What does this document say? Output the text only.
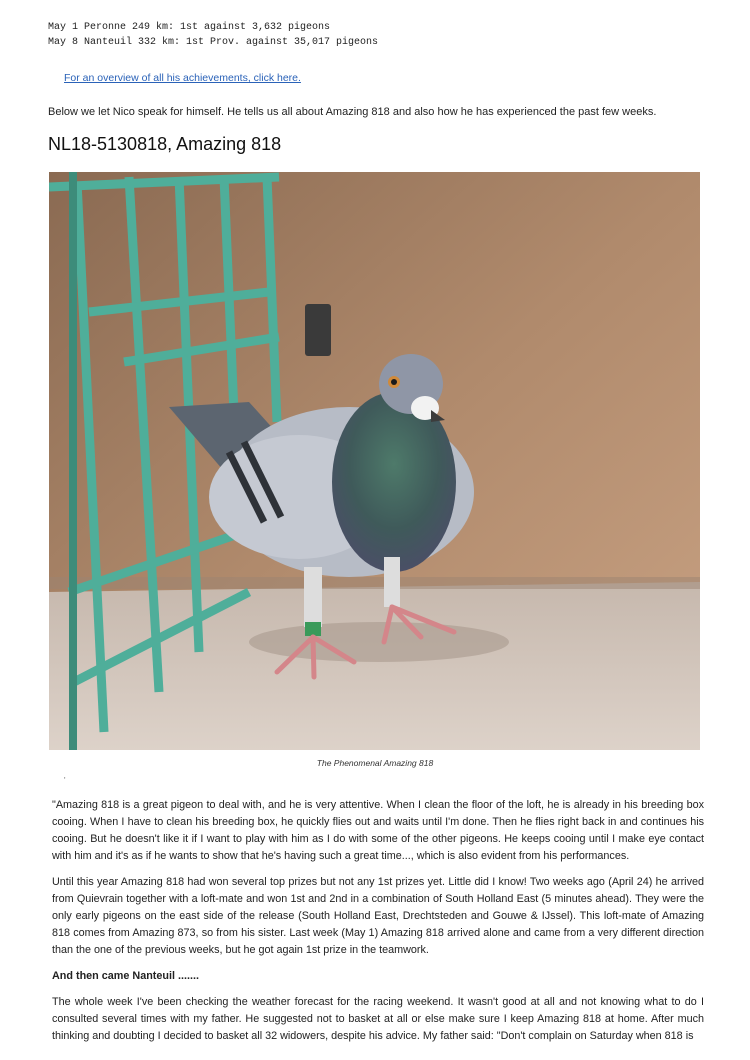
May 1 Peronne 249 km: 1st against 3,632 pigeons
May 8 Nanteuil 332 km: 1st Prov. against 35,017 pigeons
For an overview of all his achievements, click here.
Below we let Nico speak for himself. He tells us all about Amazing 818 and also how he has experienced the past few weeks.
NL18-5130818, Amazing 818
The Phenomenal Amazing 818
'

"Amazing 818 is a great pigeon to deal with, and he is very attentive. When I clean the floor of the loft, he is already in his breeding box cooing. When I have to clean his breeding box, he quickly flies out and waits until I'm done. Then he flies right back in and continues his cooing. But he doesn't like it if I want to play with him as I do with some of the other pigeons. He keeps cooing until I make eye contact with him and it's as if he wants to show that he's having such a great time..., which is also evident from his performances.

Until this year Amazing 818 had won several top prizes but not any 1st prizes yet. Little did I know! Two weeks ago (April 24) he arrived from Quievrain together with a loft-mate and won 1st and 2nd in a combination of South Holland East (5 minutes ahead). They were the only early pigeons on the east side of the release (South Holland East, Drechtsteden and Gouwe & IJssel). This loft-mate of Amazing 818 comes from Amazing 873, so from his sister. Last week (May 1) Amazing 818 arrived alone and came from a very different direction than the one of the previous weeks, but he got again 1st prize in the teamwork.

And then came Nanteuil .......

The whole week I've been checking the weather forecast for the racing weekend. It wasn't good at all and not knowing what to do I consulted several times with my father. He suggested not to basket at all or else make sure I keep Amazing 818 at home. After much thinking and doubting I decided to basket all 32 widowers, despite his advice. My father said: "Don't complain on Saturday when 818 is
